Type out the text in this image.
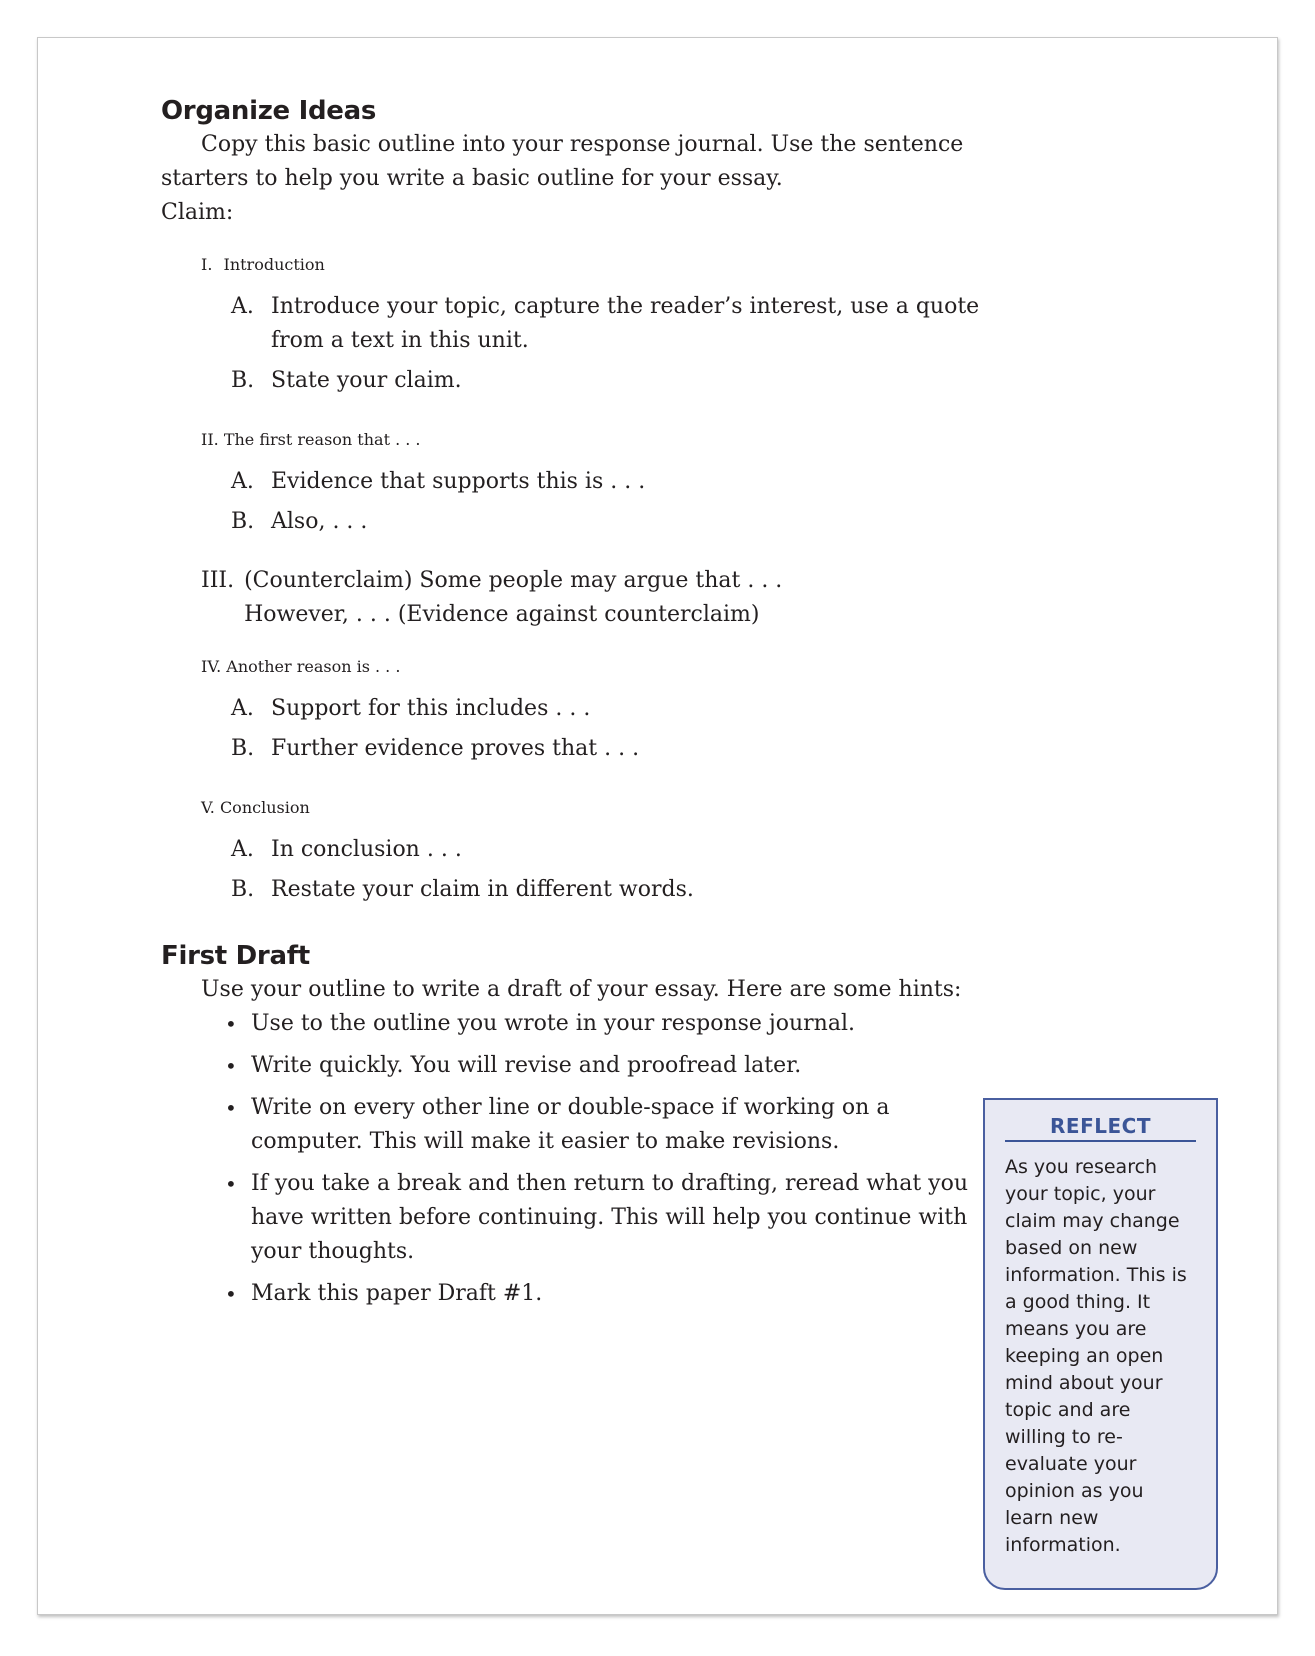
Organize Ideas

Copy this basic outline into your response journal. Use the sentence starters to help you write a basic outline for your essay.

Claim:

I. Introduction
A. Introduce your topic, capture the reader’s interest, use a quote from a text in this unit.
B. State your claim.
II. The first reason that . . .
A. Evidence that supports this is . . .
B. Also, . . .
III. (Counterclaim) Some people may argue that . . .
However, . . . (Evidence against counterclaim)
IV. Another reason is . . .
A. Support for this includes . . .
B. Further evidence proves that . . .
V. Conclusion
A. In conclusion . . .
B. Restate your claim in different words.
First Draft

Use your outline to write a draft of your essay. Here are some hints:

• Use to the outline you wrote in your response journal.
• Write quickly. You will revise and proofread later.
• Write on every other line or double-space if working on a computer. This will make it easier to make revisions.
• If you take a break and then return to drafting, reread what you have written before continuing. This will help you continue with your thoughts.
• Mark this paper Draft #1.
REFLECT

As you research your topic, your claim may change based on new information. This is a good thing. It means you are keeping an open mind about your topic and are willing to re-evaluate your opinion as you learn new information.
